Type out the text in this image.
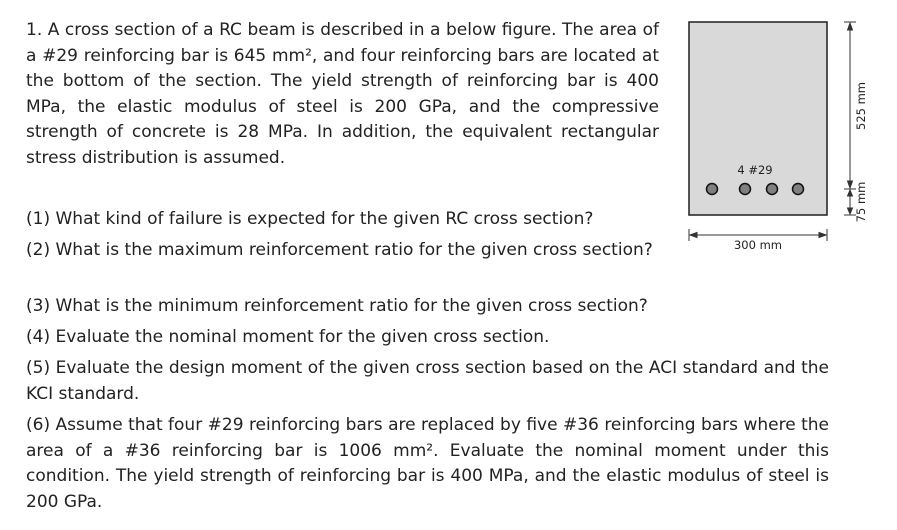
1. A cross section of a RC beam is described in a below figure. The area of a #29 reinforcing bar is 645 mm², and four reinforcing bars are located at the bottom of the section. The yield strength of reinforcing bar is 400 MPa, the elastic modulus of steel is 200 GPa, and the compressive strength of concrete is 28 MPa. In addition, the equivalent rectangular stress distribution is assumed.

(1) What kind of failure is expected for the given RC cross section?

(2) What is the maximum reinforcement ratio for the given cross section?

(3) What is the minimum reinforcement ratio for the given cross section?

(4) Evaluate the nominal moment for the given cross section.

(5) Evaluate the design moment of the given cross section based on the ACI standard and the KCI standard.

(6) Assume that four #29 reinforcing bars are replaced by five #36 reinforcing bars where the area of a #36 reinforcing bar is 1006 mm². Evaluate the nominal moment under this condition. The yield strength of reinforcing bar is 400 MPa, and the elastic modulus of steel is 200 GPa.

4 #29
300 mm
525 mm
75 mm
